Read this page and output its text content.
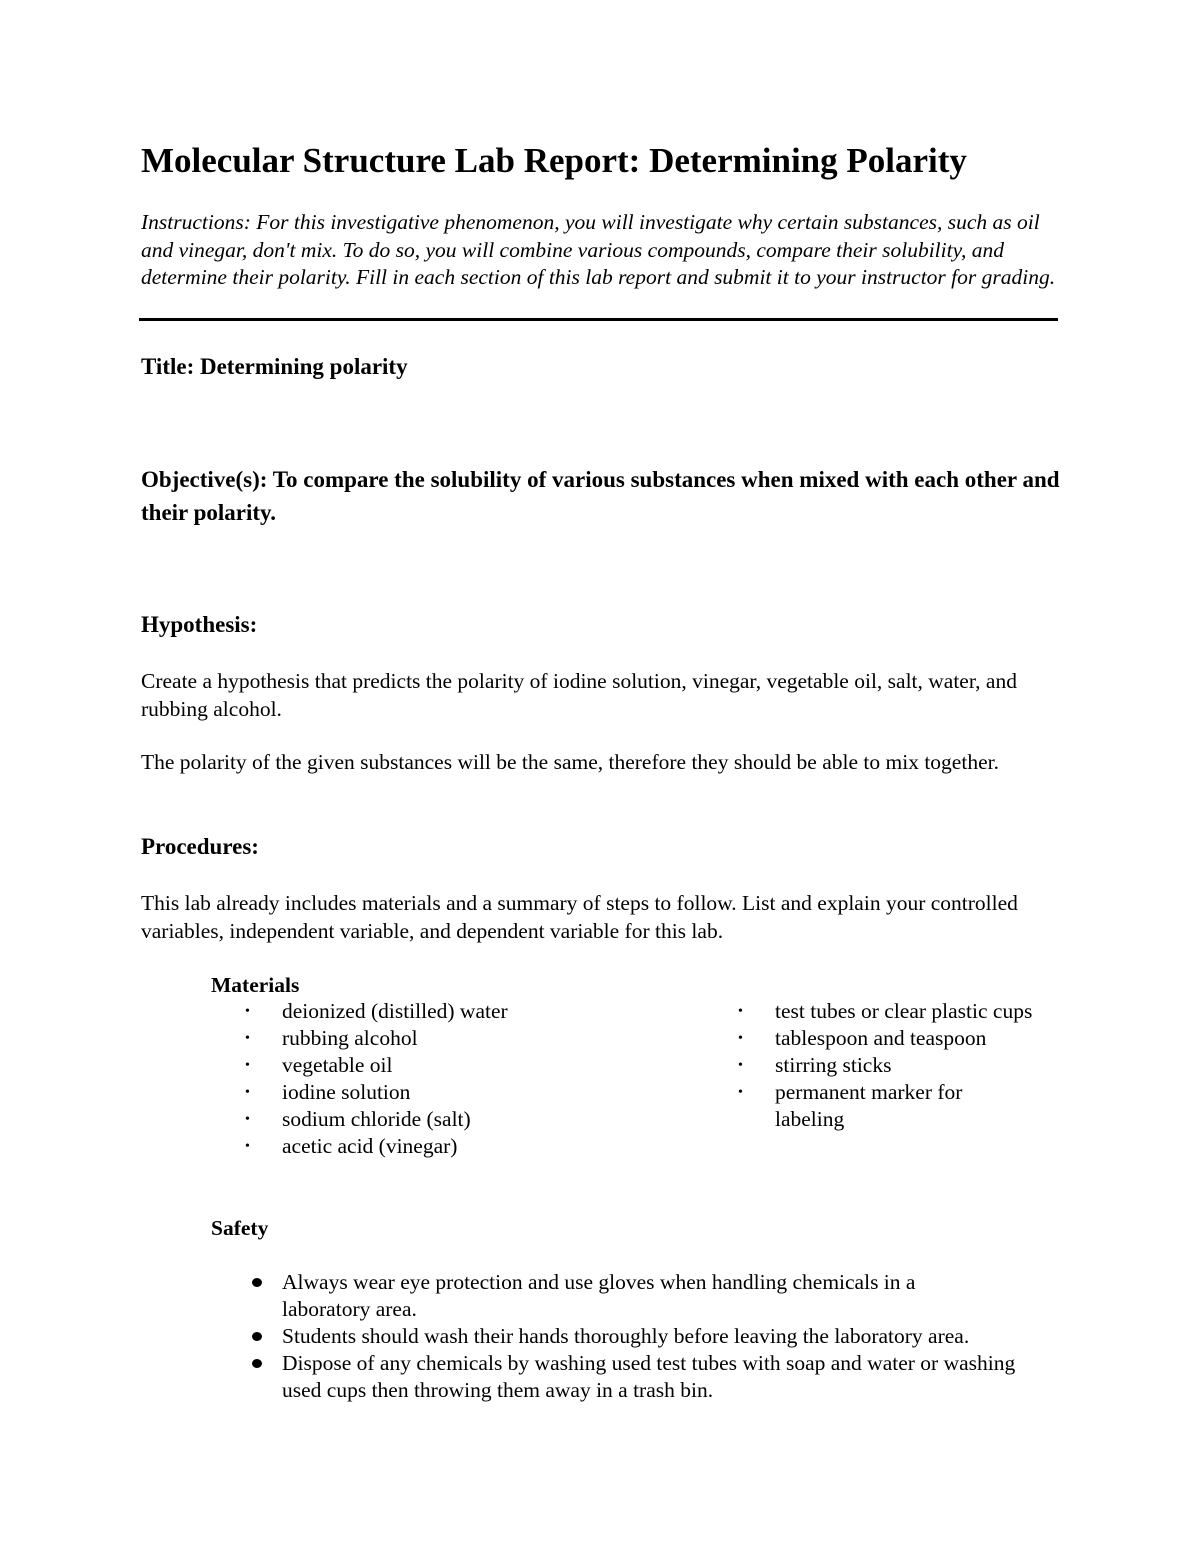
Molecular Structure Lab Report: Determining Polarity

Instructions: For this investigative phenomenon, you will investigate why certain substances, such as oil and vinegar, don't mix. To do so, you will combine various compounds, compare their solubility, and determine their polarity. Fill in each section of this lab report and submit it to your instructor for grading.

Title: Determining polarity

Objective(s): To compare the solubility of various substances when mixed with each other and their polarity.

Hypothesis:

Create a hypothesis that predicts the polarity of iodine solution, vinegar, vegetable oil, salt, water, and rubbing alcohol.

The polarity of the given substances will be the same, therefore they should be able to mix together.

Procedures:

This lab already includes materials and a summary of steps to follow. List and explain your controlled variables, independent variable, and dependent variable for this lab.

Materials

•	deionized (distilled) water
•	rubbing alcohol
•	vegetable oil
•	iodine solution
•	sodium chloride (salt)
•	acetic acid (vinegar)
•	test tubes or clear plastic cups
•	tablespoon and teaspoon
•	stirring sticks
•	permanent marker for labeling

Safety

Always wear eye protection and use gloves when handling chemicals in a laboratory area.
Students should wash their hands thoroughly before leaving the laboratory area.
Dispose of any chemicals by washing used test tubes with soap and water or washing used cups then throwing them away in a trash bin.
